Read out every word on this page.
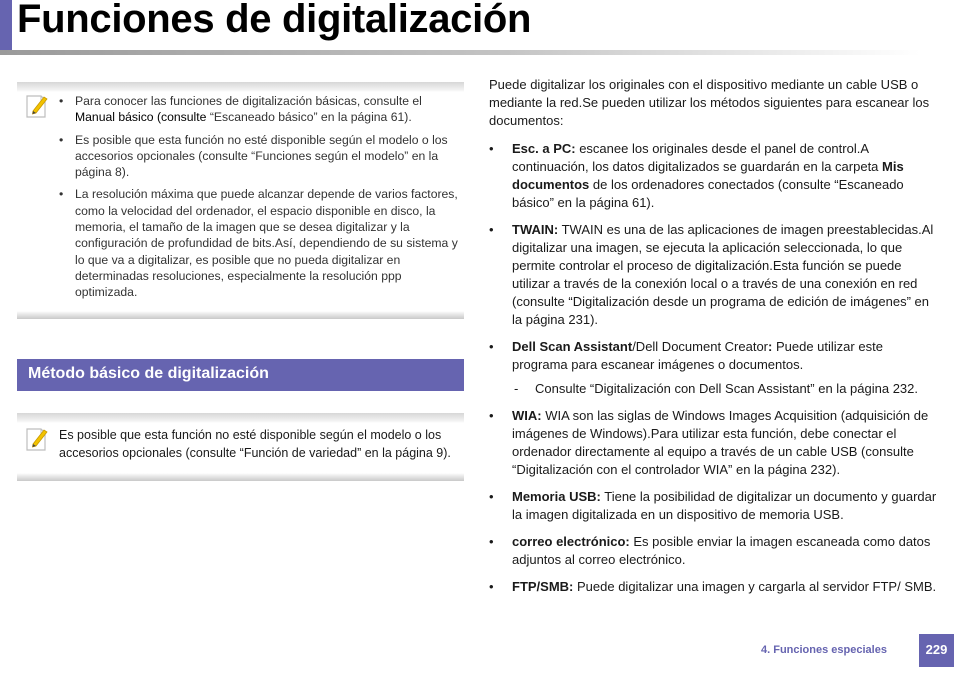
Funciones de digitalización
• Para conocer las funciones de digitalización básicas, consulte el Manual básico (consulte “Escaneado básico” en la página 61).
• Es posible que esta función no esté disponible según el modelo o los accesorios opcionales (consulte “Funciones según el modelo” en la página 8).
• La resolución máxima que puede alcanzar depende de varios factores, como la velocidad del ordenador, el espacio disponible en disco, la memoria, el tamaño de la imagen que se desea digitalizar y la configuración de profundidad de bits.Así, dependiendo de su sistema y lo que va a digitalizar, es posible que no pueda digitalizar en determinadas resoluciones, especialmente la resolución ppp optimizada.
Método básico de digitalización
Es posible que esta función no esté disponible según el modelo o los accesorios opcionales (consulte “Función de variedad” en la página 9).

Puede digitalizar los originales con el dispositivo mediante un cable USB o mediante la red.Se pueden utilizar los métodos siguientes para escanear los documentos:

• Esc. a PC: escanee los originales desde el panel de control.A continuación, los datos digitalizados se guardarán en la carpeta Mis documentos de los ordenadores conectados (consulte “Escaneado básico” en la página 61).
• TWAIN: TWAIN es una de las aplicaciones de imagen preestablecidas.Al digitalizar una imagen, se ejecuta la aplicación seleccionada, lo que permite controlar el proceso de digitalización.Esta función se puede utilizar a través de la conexión local o a través de una conexión en red (consulte “Digitalización desde un programa de edición de imágenes” en la página 231).
• Dell Scan Assistant/Dell Document Creator: Puede utilizar este programa para escanear imágenes o documentos.
- Consulte “Digitalización con Dell Scan Assistant” en la página 232.
• WIA: WIA son las siglas de Windows Images Acquisition (adquisición de imágenes de Windows).Para utilizar esta función, debe conectar el ordenador directamente al equipo a través de un cable USB (consulte “Digitalización con el controlador WIA” en la página 232).
• Memoria USB: Tiene la posibilidad de digitalizar un documento y guardar la imagen digitalizada en un dispositivo de memoria USB.
• correo electrónico: Es posible enviar la imagen escaneada como datos adjuntos al correo electrónico.
• FTP/SMB: Puede digitalizar una imagen y cargarla al servidor FTP/ SMB.
4. Funciones especiales	229
